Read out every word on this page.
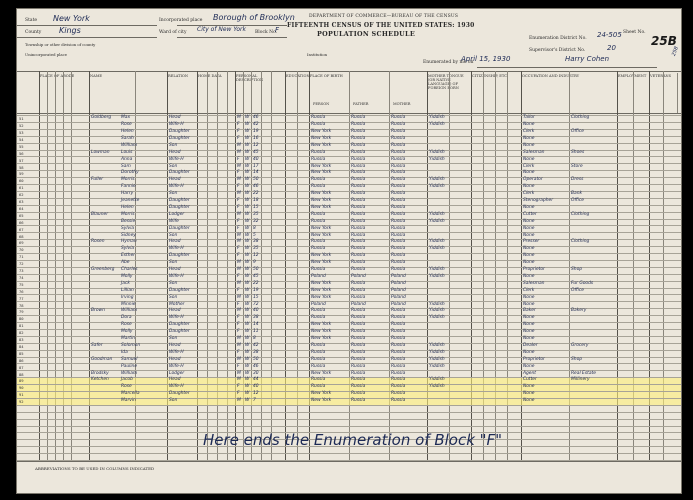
DEPARTMENT OF COMMERCE—BUREAU OF THE CENSUS
FIFTEENTH CENSUS OF THE UNITED STATES: 1930
POPULATION SCHEDULE	25B
State New York
County Kings
Township or other division of county
Unincorporated place
Incorporated place Borough of Brooklyn
Ward of city City of New York Block No.
F
Institution
Enumeration District No. 24-505
Supervisor's District No.	20
Sheet No.
Enumerated by me on
April 15, 1930	Harry Cohen
25B
PLACE OF ABODE	NAME	RELATION	HOME DATA	PERSONAL DESCRIPTION
EDUCATION PLACE OF BIRTH
PERSON	FATHER	MOTHER
MOTHER TONGUE (OR NATIVE LANGUAGE) OF FOREIGN BORN
CITIZENSHIP, ETC.	OCCUPATION AND INDUSTRY	EMPLOYMENT VETERANS
51	Goldberg Max	Head	M W 46	Russia	Russia	Russia	Yiddish	Tailor	Clothing
52	Rose	Wife-H	F W 42	Russia	Russia	Russia	Yiddish	None
53	Helen	Daughter	F W 19	New York	Russia	Russia	Clerk	Office
54	Sarah	Daughter	F W 16	New York	Russia	Russia	None
55	William	Son	M W 12	New York	Russia	Russia	None
56	Lowman	Louis	Head	M W 45	Russia	Russia	Russia	Yiddish	Salesman	Shoes
57	Anna	Wife-H	F W 40	Russia	Russia	Russia	Yiddish	None
58	Sam	Son	M W 17	New York	Russia	Russia	Clerk	Store
59	Dorothy	Daughter	F W 14	New York	Russia	Russia	None
60	Fuller	Morris	Head	M W 50	Russia	Russia	Russia	Yiddish	Operator	Dress
61	Fannie	Wife-H	F W 46	Russia	Russia	Russia	Yiddish	None
62	Harry	Son	M W 22	New York	Russia	Russia	Clerk	Bank
63	Jeanette	Daughter	F W 18	New York	Russia	Russia	Stenographer	Office
64	Helen	Daughter	F W 15	New York	Russia	Russia	None
65	Blauner	Morris	Lodger	M W 35	Russia	Russia	Russia	Yiddish	Cutter	Clothing
66	Bessie	Wife	F W 32	Russia	Russia	Russia	Yiddish	None
67	Sylvia	Daughter	F W 8	New York	Russia	Russia	None
68	Sidney	Son	M W 5	New York	Russia	Russia	None
69	Rosen	Hyman	Head	M W 38	Russia	Russia	Russia	Yiddish	Presser	Clothing
70	Sylvia	Wife-H	F W 35	Russia	Russia	Russia	Yiddish	None
71	Esther	Daughter	F W 12	New York	Russia	Russia	None
72	Abe	Son	M W 9	New York	Russia	Russia	None
73	Greenberg Charles	Head	M W 50	Russia	Russia	Russia	Yiddish	Proprietor	Shop
74	Molly	Wife-H	F W 45	Poland	Poland	Poland	Yiddish	None
75	Jack	Son	M W 22	New York	Russia	Poland	Salesman	Fur Goods
76	Lillian	Daughter	F W 19	New York	Russia	Poland	Clerk	Office
77	Irving	Son	M W 15	New York	Russia	Poland	None
78	Minnie	Mother	F W 72	Poland	Poland	Poland	Yiddish	None
79	Brown	William	Head	M W 40	Russia	Russia	Russia	Yiddish	Baker	Bakery
80	Dora	Wife-H	F W 38	Russia	Russia	Russia	Yiddish	None
81	Rose	Daughter	F W 14	New York	Russia	Russia	None
82	Molly	Daughter	F W 11	New York	Russia	Russia	None
83	Martin	Son	M W 8	New York	Russia	Russia	None
84	Safer	Solomon	Head	M W 42	Russia	Russia	Russia	Yiddish	Dealer	Grocery
85	Ida	Wife-H	F W 38	Russia	Russia	Russia	Yiddish	None
86	Goodman Samuel	Head	M W 50	Russia	Russia	Russia	Yiddish	Proprietor	Shop
87	Pauline	Wife-H	F W 46	Russia	Russia	Russia	Yiddish	None
88	Brodsky	William	Lodger	M W 30	New York	Russia	Russia	Agent	Real Estate
89	Ketchen	Jacob	Head	M W 44	Russia	Russia	Russia	Yiddish	Cutter	Millinery
90	Rose	Wife-H	F W 40	Russia	Russia	Russia	Yiddish	None
91	Marcella	Daughter	F W 12	New York	Russia	Russia	None
92	Marvin	Son	M W 7	New York	Russia	Russia	None
Here ends the Enumeration of Block "F"
ABBREVIATIONS TO BE USED IN COLUMNS INDICATED
